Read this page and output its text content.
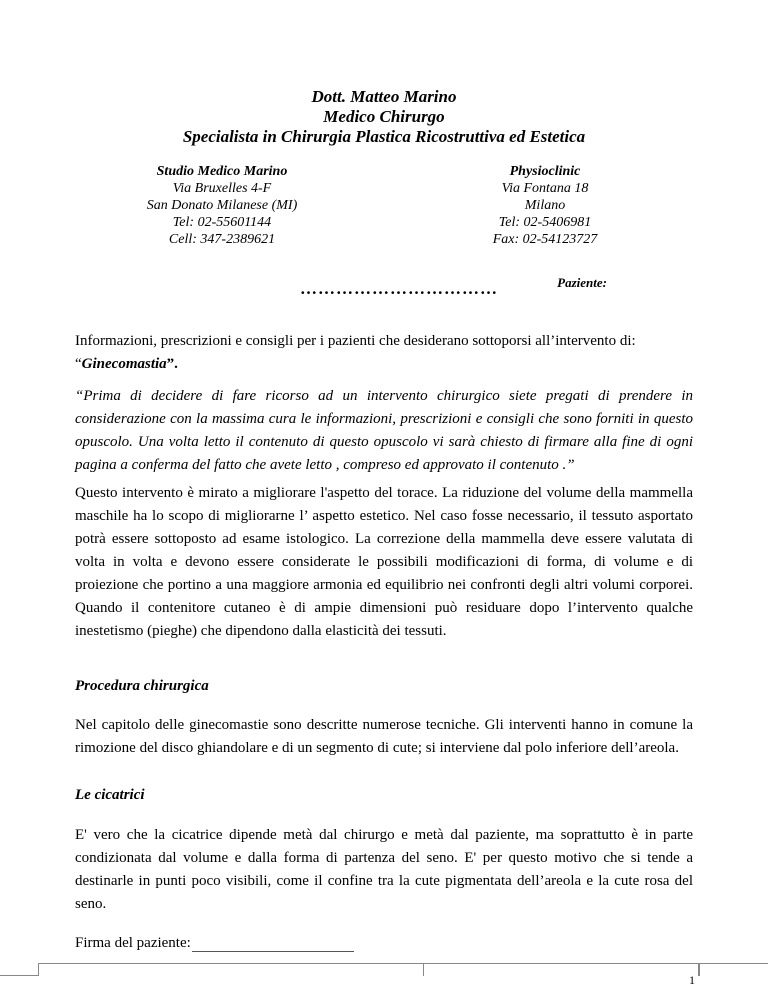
Dott. Matteo Marino
Medico Chirurgo
Specialista in Chirurgia Plastica Ricostruttiva ed Estetica
Studio Medico Marino
Via Bruxelles 4-F
San Donato Milanese (MI)
Tel: 02-55601144
Cell: 347-2389621
Physioclinic
Via Fontana 18
Milano
Tel: 02-5406981
Fax: 02-54123727
Paziente:
……………………………

Informazioni, prescrizioni e consigli per i pazienti che desiderano sottoporsi all’intervento di:
“Ginecomastia”.

“Prima di decidere di fare ricorso ad un intervento chirurgico siete pregati di prendere in considerazione con la massima cura le informazioni, prescrizioni e consigli che sono forniti in questo opuscolo. Una volta letto il contenuto di questo opuscolo vi sarà chiesto di firmare alla fine di ogni pagina a conferma del fatto che avete letto , compreso ed approvato il contenuto .”

Questo intervento è mirato a migliorare l'aspetto del torace. La riduzione del volume della mammella maschile ha lo scopo di migliorarne l’ aspetto estetico. Nel caso fosse necessario, il tessuto asportato potrà essere sottoposto ad esame istologico. La correzione della mammella deve essere valutata di volta in volta e devono essere considerate le possibili modificazioni di forma, di volume e di proiezione che portino a una maggiore armonia ed equilibrio nei confronti degli altri volumi corporei. Quando il contenitore cutaneo è di ampie dimensioni può residuare dopo l’intervento qualche inestetismo (pieghe) che dipendono dalla elasticità dei tessuti.

Procedura chirurgica

Nel capitolo delle ginecomastie sono descritte numerose tecniche. Gli interventi hanno in comune la rimozione del disco ghiandolare e di un segmento di cute; si interviene dal polo inferiore dell’areola.

Le cicatrici

E' vero che la cicatrice dipende metà dal chirurgo e metà dal paziente, ma soprattutto è in parte condizionata dal volume e dalla forma di partenza del seno. E' per questo motivo che si tende a destinarle in punti poco visibili, come il confine tra la cute pigmentata dell’areola e la cute rosa del seno.

Firma del paziente:
1
